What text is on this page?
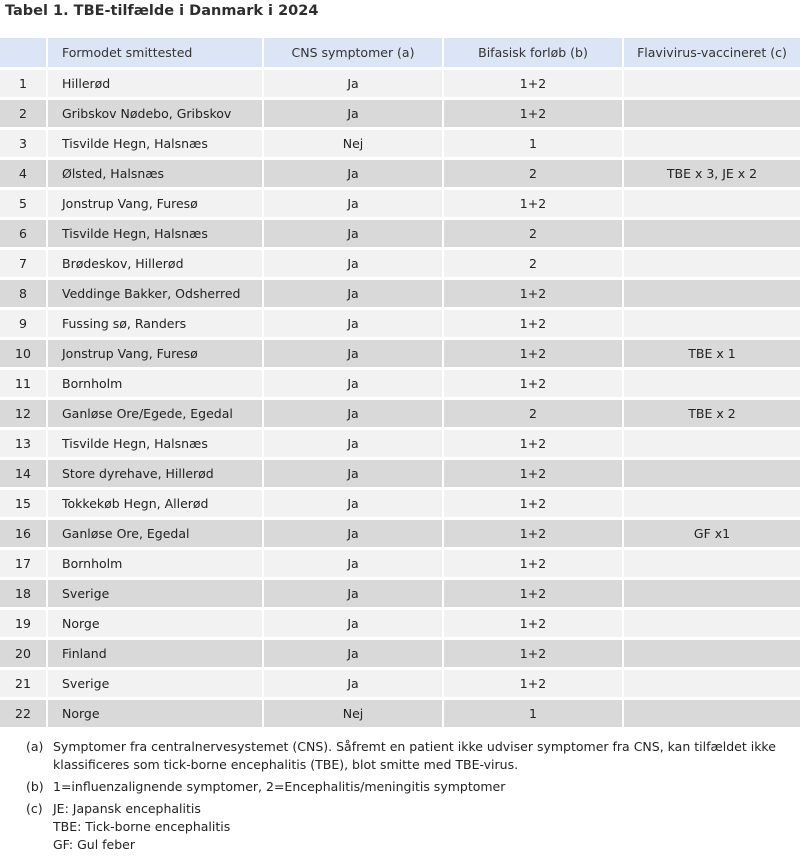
Tabel 1. TBE-tilfælde i Danmark i 2024
Formodet smittested	CNS symptomer (a)	Bifasisk forløb (b)	Flavivirus-vaccineret (c)
1	Hillerød	Ja	1+2
2	Gribskov Nødebo, Gribskov	Ja	1+2
3	Tisvilde Hegn, Halsnæs	Nej	1
4	Ølsted, Halsnæs	Ja	2	TBE x 3, JE x 2
5	Jonstrup Vang, Furesø	Ja	1+2
6	Tisvilde Hegn, Halsnæs	Ja	2
7	Brødeskov, Hillerød	Ja	2
8	Veddinge Bakker, Odsherred	Ja	1+2
9	Fussing sø, Randers	Ja	1+2
10	Jonstrup Vang, Furesø	Ja	1+2	TBE x 1
11	Bornholm	Ja	1+2
12	Ganløse Ore/Egede, Egedal	Ja	2	TBE x 2
13	Tisvilde Hegn, Halsnæs	Ja	1+2
14	Store dyrehave, Hillerød	Ja	1+2
15	Tokkekøb Hegn, Allerød	Ja	1+2
16	Ganløse Ore, Egedal	Ja	1+2	GF x1
17	Bornholm	Ja	1+2
18	Sverige	Ja	1+2
19	Norge	Ja	1+2
20	Finland	Ja	1+2
21	Sverige	Ja	1+2
22	Norge	Nej	1
(a) Symptomer fra centralnervesystemet (CNS). Såfremt en patient ikke udviser symptomer fra CNS, kan tilfældet ikke
klassificeres som tick-borne encephalitis (TBE), blot smitte med TBE-virus.
(b) 1=influenzalignende symptomer, 2=Encephalitis/meningitis symptomer
(c) JE: Japansk encephalitis
TBE: Tick-borne encephalitis
GF: Gul feber
